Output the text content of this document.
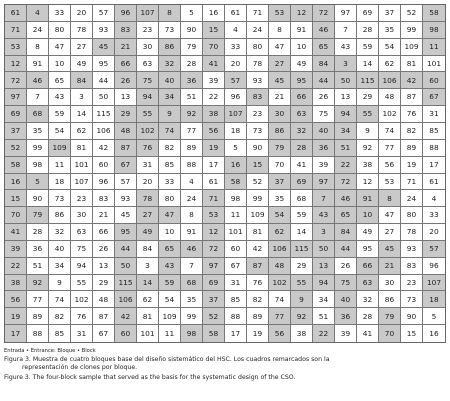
61	4	33	20	57	96	107	8	5	16	61	71	53	12	72	97	69	37	52	58
71	24	80	78	93	83	23	73	90	15	4	24	8	91	46	7	28	35	99	98
53	8	47	27	45	21	30	86	79	70	33	80	47	10	65	43	59	54	109	11
12	91	10	49	95	66	63	32	28	41	20	78	27	49	84	3	14	62	81	101
72	46	65	84	44	26	75	40	36	39	57	93	45	95	44	50	115	106	42	60
97	7	43	3	50	13	94	34	51	22	96	83	21	66	26	13	29	48	87	67
69	68	59	14	115	29	55	9	92	38	107	23	30	63	75	94	55	102	76	31
37	35	54	62	106	48	102	74	77	56	18	73	86	32	40	34	9	74	82	85
52	99	109	81	42	87	76	82	89	19	5	90	79	28	36	51	92	77	89	88
58	98	11	101	60	67	31	85	88	17	16	15	70	41	39	22	38	56	19	17
16	5	18	107	96	57	20	33	4	61	58	52	37	69	97	72	12	53	71	61
15	90	73	23	83	93	78	80	24	71	98	99	35	68	7	46	91	8	24	4
70	79	86	30	21	45	27	47	8	53	11	109	54	59	43	65	10	47	80	33
41	28	32	63	66	95	49	10	91	12	101	81	62	14	3	84	49	27	78	20
39	36	40	75	26	44	84	65	46	72	60	42	106	115	50	44	95	45	93	57
22	51	34	94	13	50	3	43	7	97	67	87	48	29	13	26	66	21	83	96
38	92	9	55	29	115	14	59	68	69	31	76	102	55	94	75	63	30	23	107
56	77	74	102	48	106	62	54	35	37	85	82	74	9	34	40	32	86	73	18
19	89	82	76	87	42	81	109	99	52	88	89	77	92	51	36	28	79	90	5
17	88	85	31	67	60	101	11	98	58	17	19	56	38	22	39	41	70	15	16
Entrada • Entrance: Bloque • Block
Figura 3. Muestra de cuatro bloques base del diseño sistemático del HSC. Los cuadros remarcados son la
representación de clones por bloque.
Figure 3. The four-block sample that served as the basis for the systematic design of the CSO.
